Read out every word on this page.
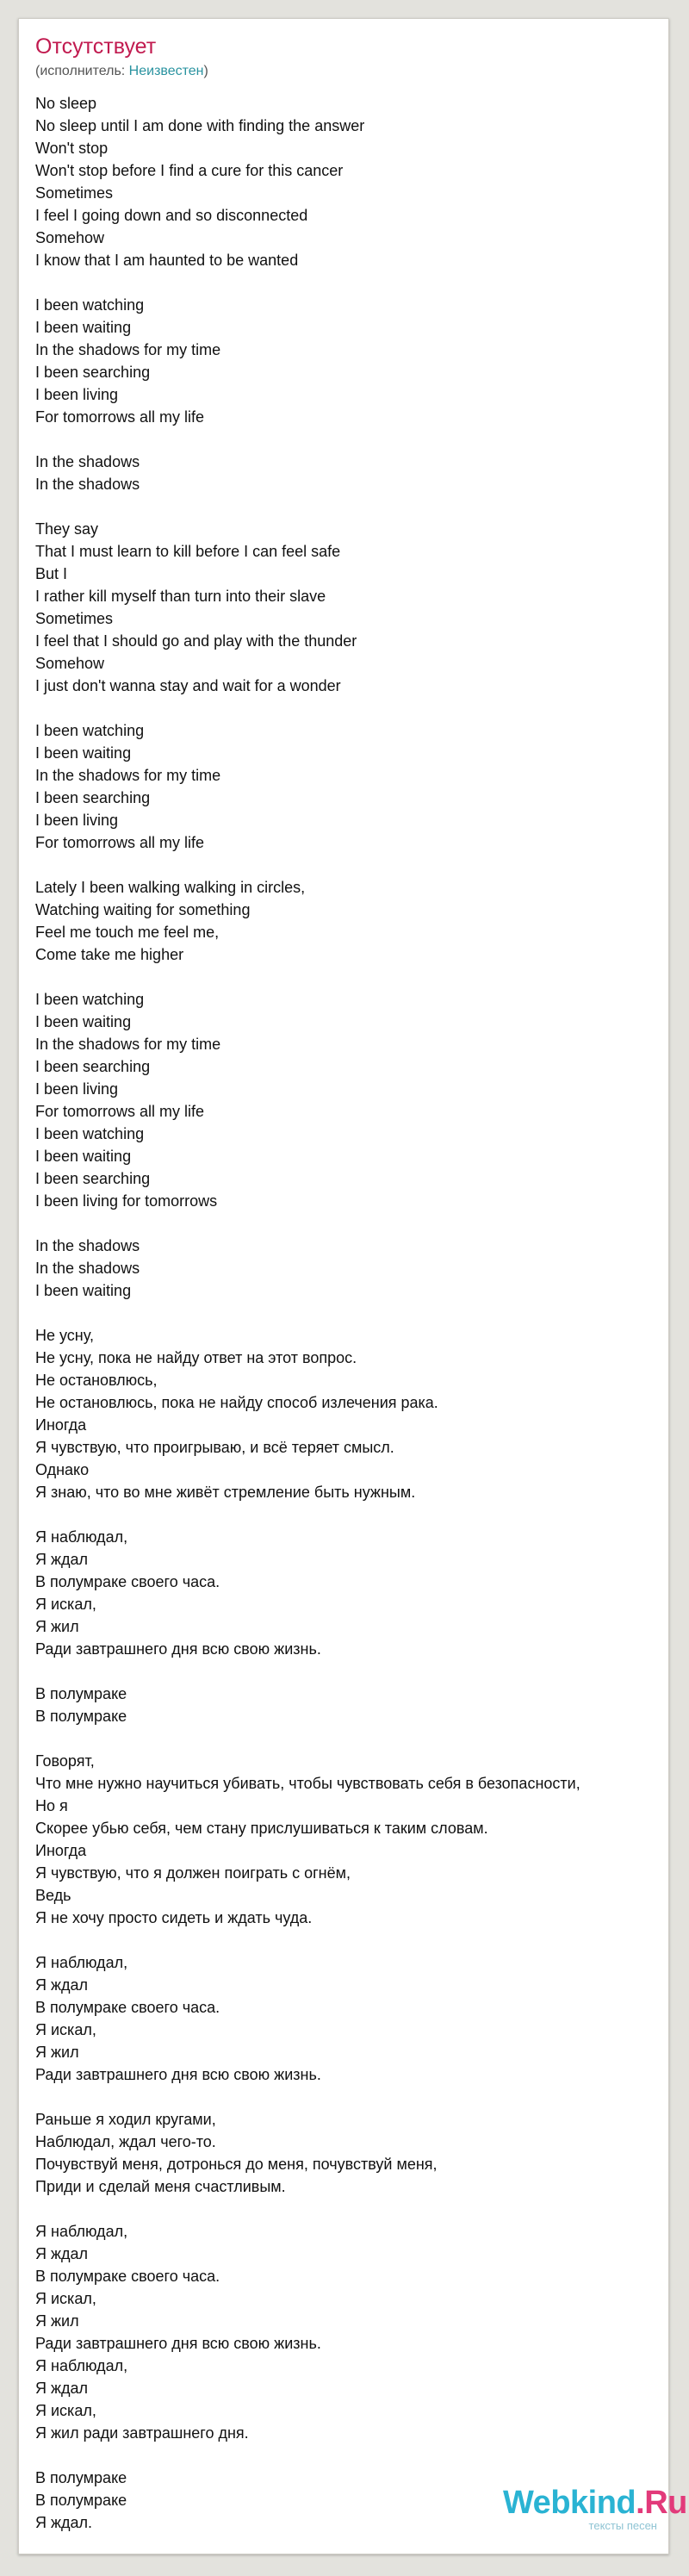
Отсутствует
(исполнитель: Неизвестен)
No sleep
No sleep until I am done with finding the answer
Won't stop
Won't stop before I find a cure for this cancer
Sometimes
I feel I going down and so disconnected
Somehow
I know that I am haunted to be wanted
I been watching
I been waiting
In the shadows for my time
I been searching
I been living
For tomorrows all my life
In the shadows
In the shadows
They say
That I must learn to kill before I can feel safe
But I
I rather kill myself than turn into their slave
Sometimes
I feel that I should go and play with the thunder
Somehow
I just don't wanna stay and wait for a wonder
I been watching
I been waiting
In the shadows for my time
I been searching
I been living
For tomorrows all my life
Lately I been walking walking in circles,
Watching waiting for something
Feel me touch me feel me,
Come take me higher
I been watching
I been waiting
In the shadows for my time
I been searching
I been living
For tomorrows all my life
I been watching
I been waiting
I been searching
I been living for tomorrows
In the shadows
In the shadows
I been waiting
Не усну,
Не усну, пока не найду ответ на этот вопрос.
Не остановлюсь,
Не остановлюсь, пока не найду способ излечения рака.
Иногда
Я чувствую, что проигрываю, и всё теряет смысл.
Однако
Я знаю, что во мне живёт стремление быть нужным.
Я наблюдал,
Я ждал
В полумраке своего часа.
Я искал,
Я жил
Ради завтрашнего дня всю свою жизнь.
В полумраке
В полумраке
Говорят,
Что мне нужно научиться убивать, чтобы чувствовать себя в безопасности,
Но я
Скорее убью себя, чем стану прислушиваться к таким словам.
Иногда
Я чувствую, что я должен поиграть с огнём,
Ведь
Я не хочу просто сидеть и ждать чуда.
Я наблюдал,
Я ждал
В полумраке своего часа.
Я искал,
Я жил
Ради завтрашнего дня всю свою жизнь.
Раньше я ходил кругами,
Наблюдал, ждал чего-то.
Почувствуй меня, дотронься до меня, почувствуй меня,
Приди и сделай меня счастливым.
Я наблюдал,
Я ждал
В полумраке своего часа.
Я искал,
Я жил
Ради завтрашнего дня всю свою жизнь.
Я наблюдал,
Я ждал
Я искал,
Я жил ради завтрашнего дня.
В полумраке
В полумраке
Я ждал.
Webkind.Ru
тексты песен
